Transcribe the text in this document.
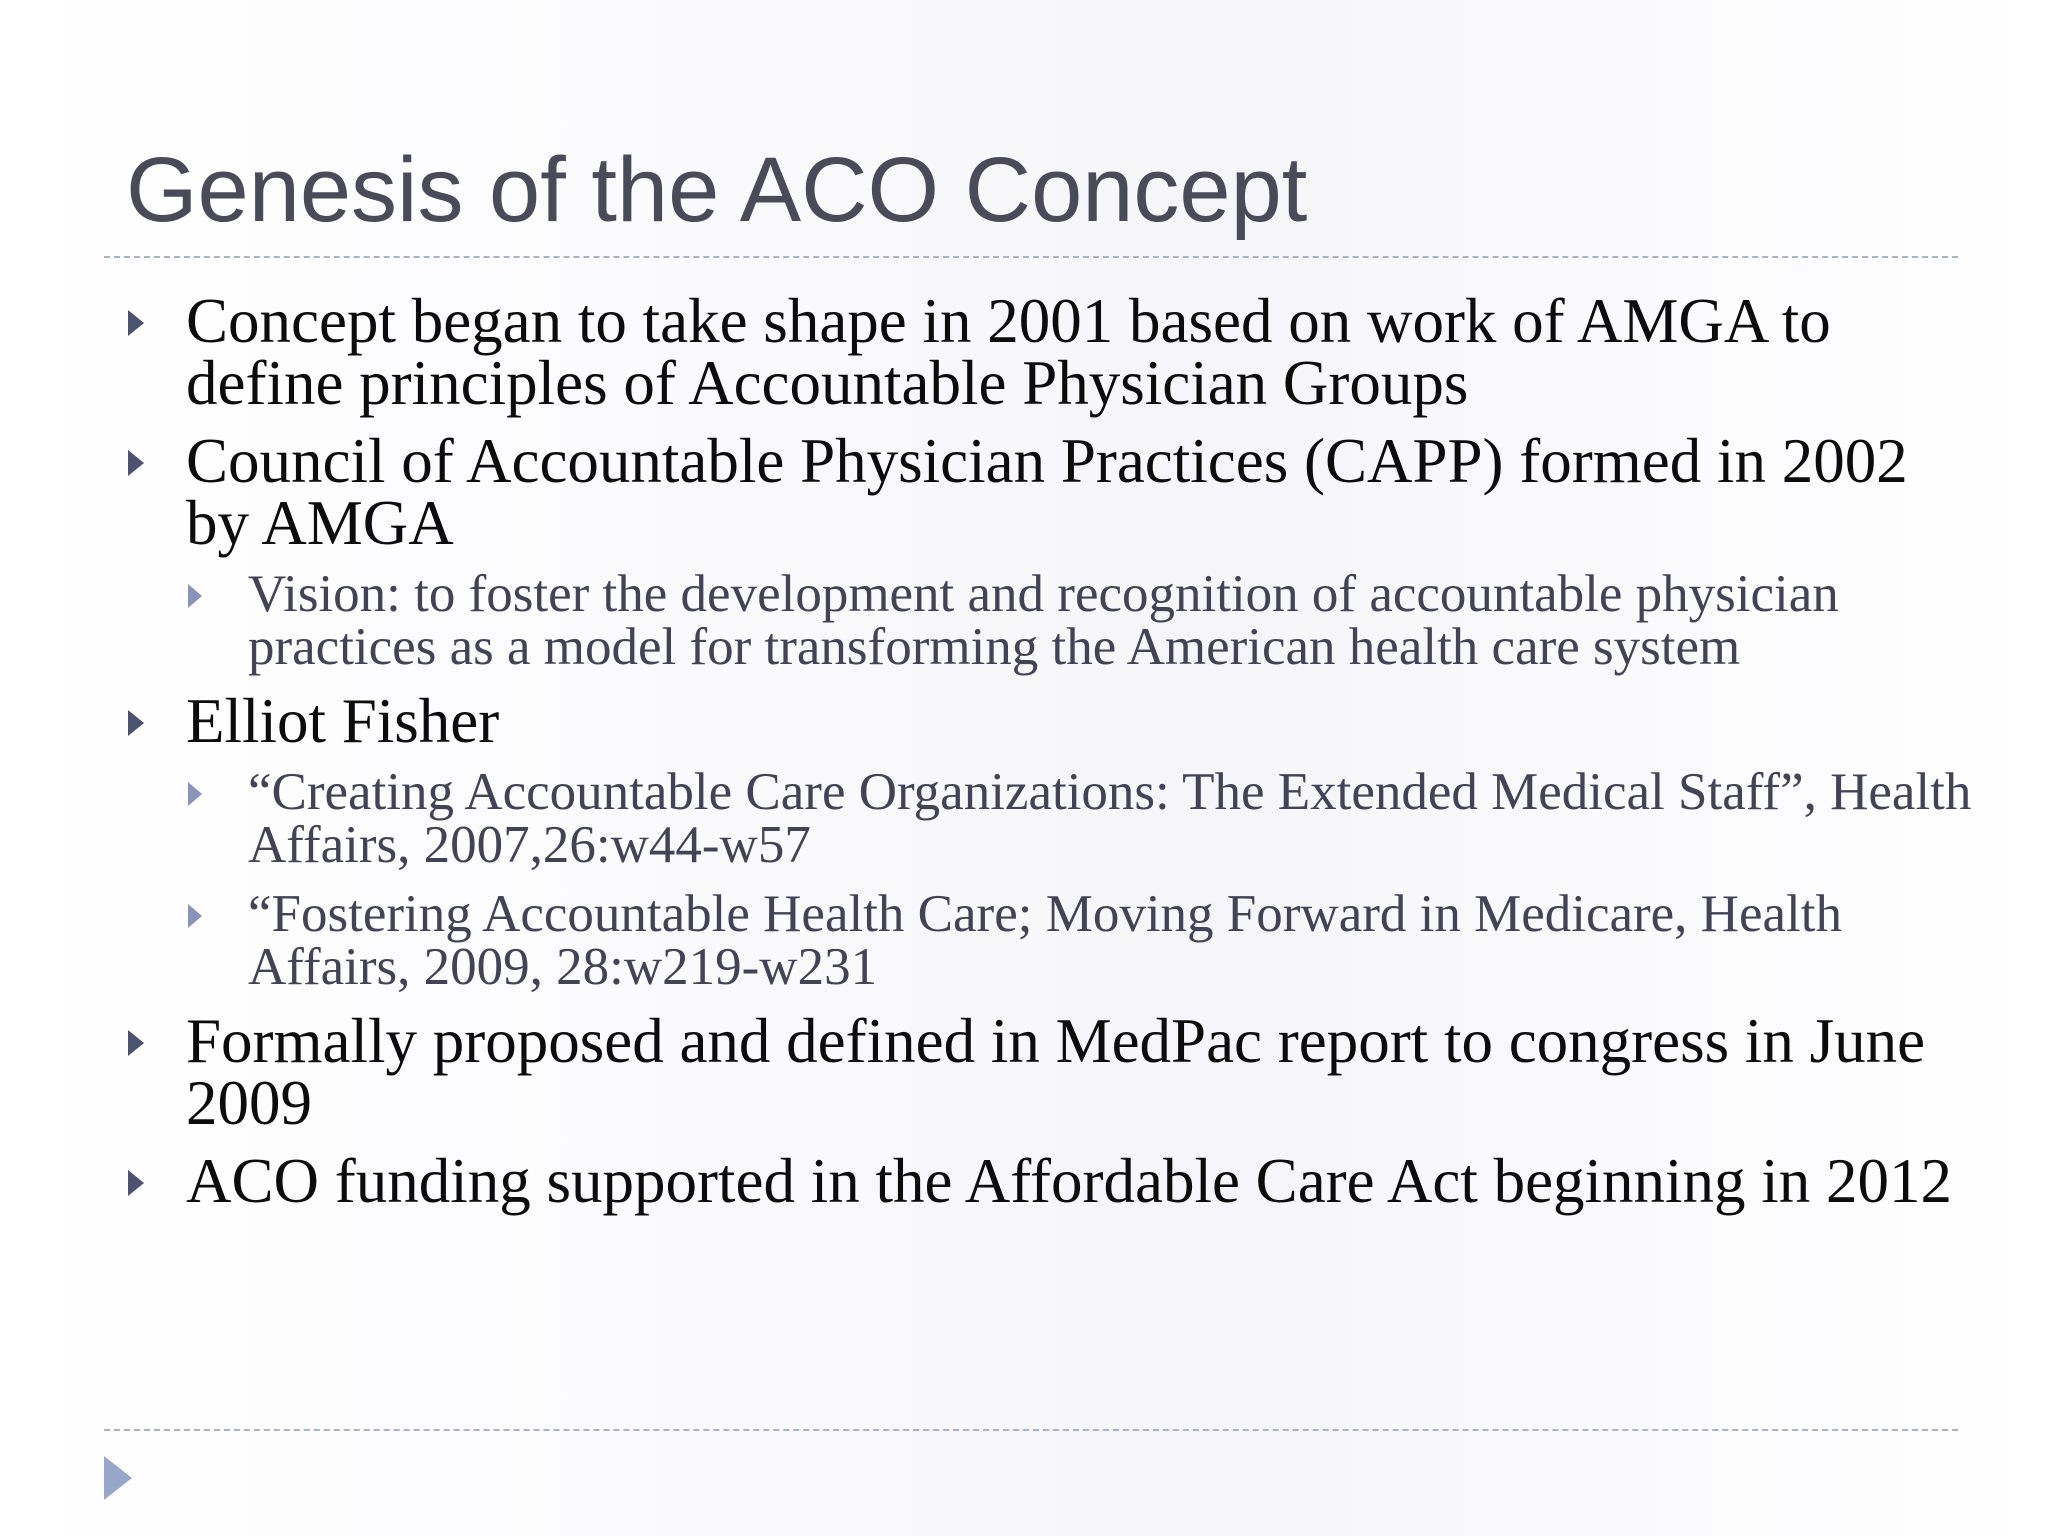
Genesis of the ACO Concept
Concept began to take shape in 2001 based on work of AMGA to define principles of Accountable Physician Groups
Council of Accountable Physician Practices (CAPP) formed in 2002 by AMGA
Vision: to foster the development and recognition of accountable physician practices as a model for transforming the American health care system
Elliot Fisher
“Creating Accountable Care Organizations: The Extended Medical Staff”, Health Affairs, 2007,26:w44-w57
“Fostering Accountable Health Care; Moving Forward in Medicare, Health Affairs, 2009, 28:w219-w231
Formally proposed and defined in MedPac report to congress in June 2009
ACO funding supported in the Affordable Care Act beginning in 2012
